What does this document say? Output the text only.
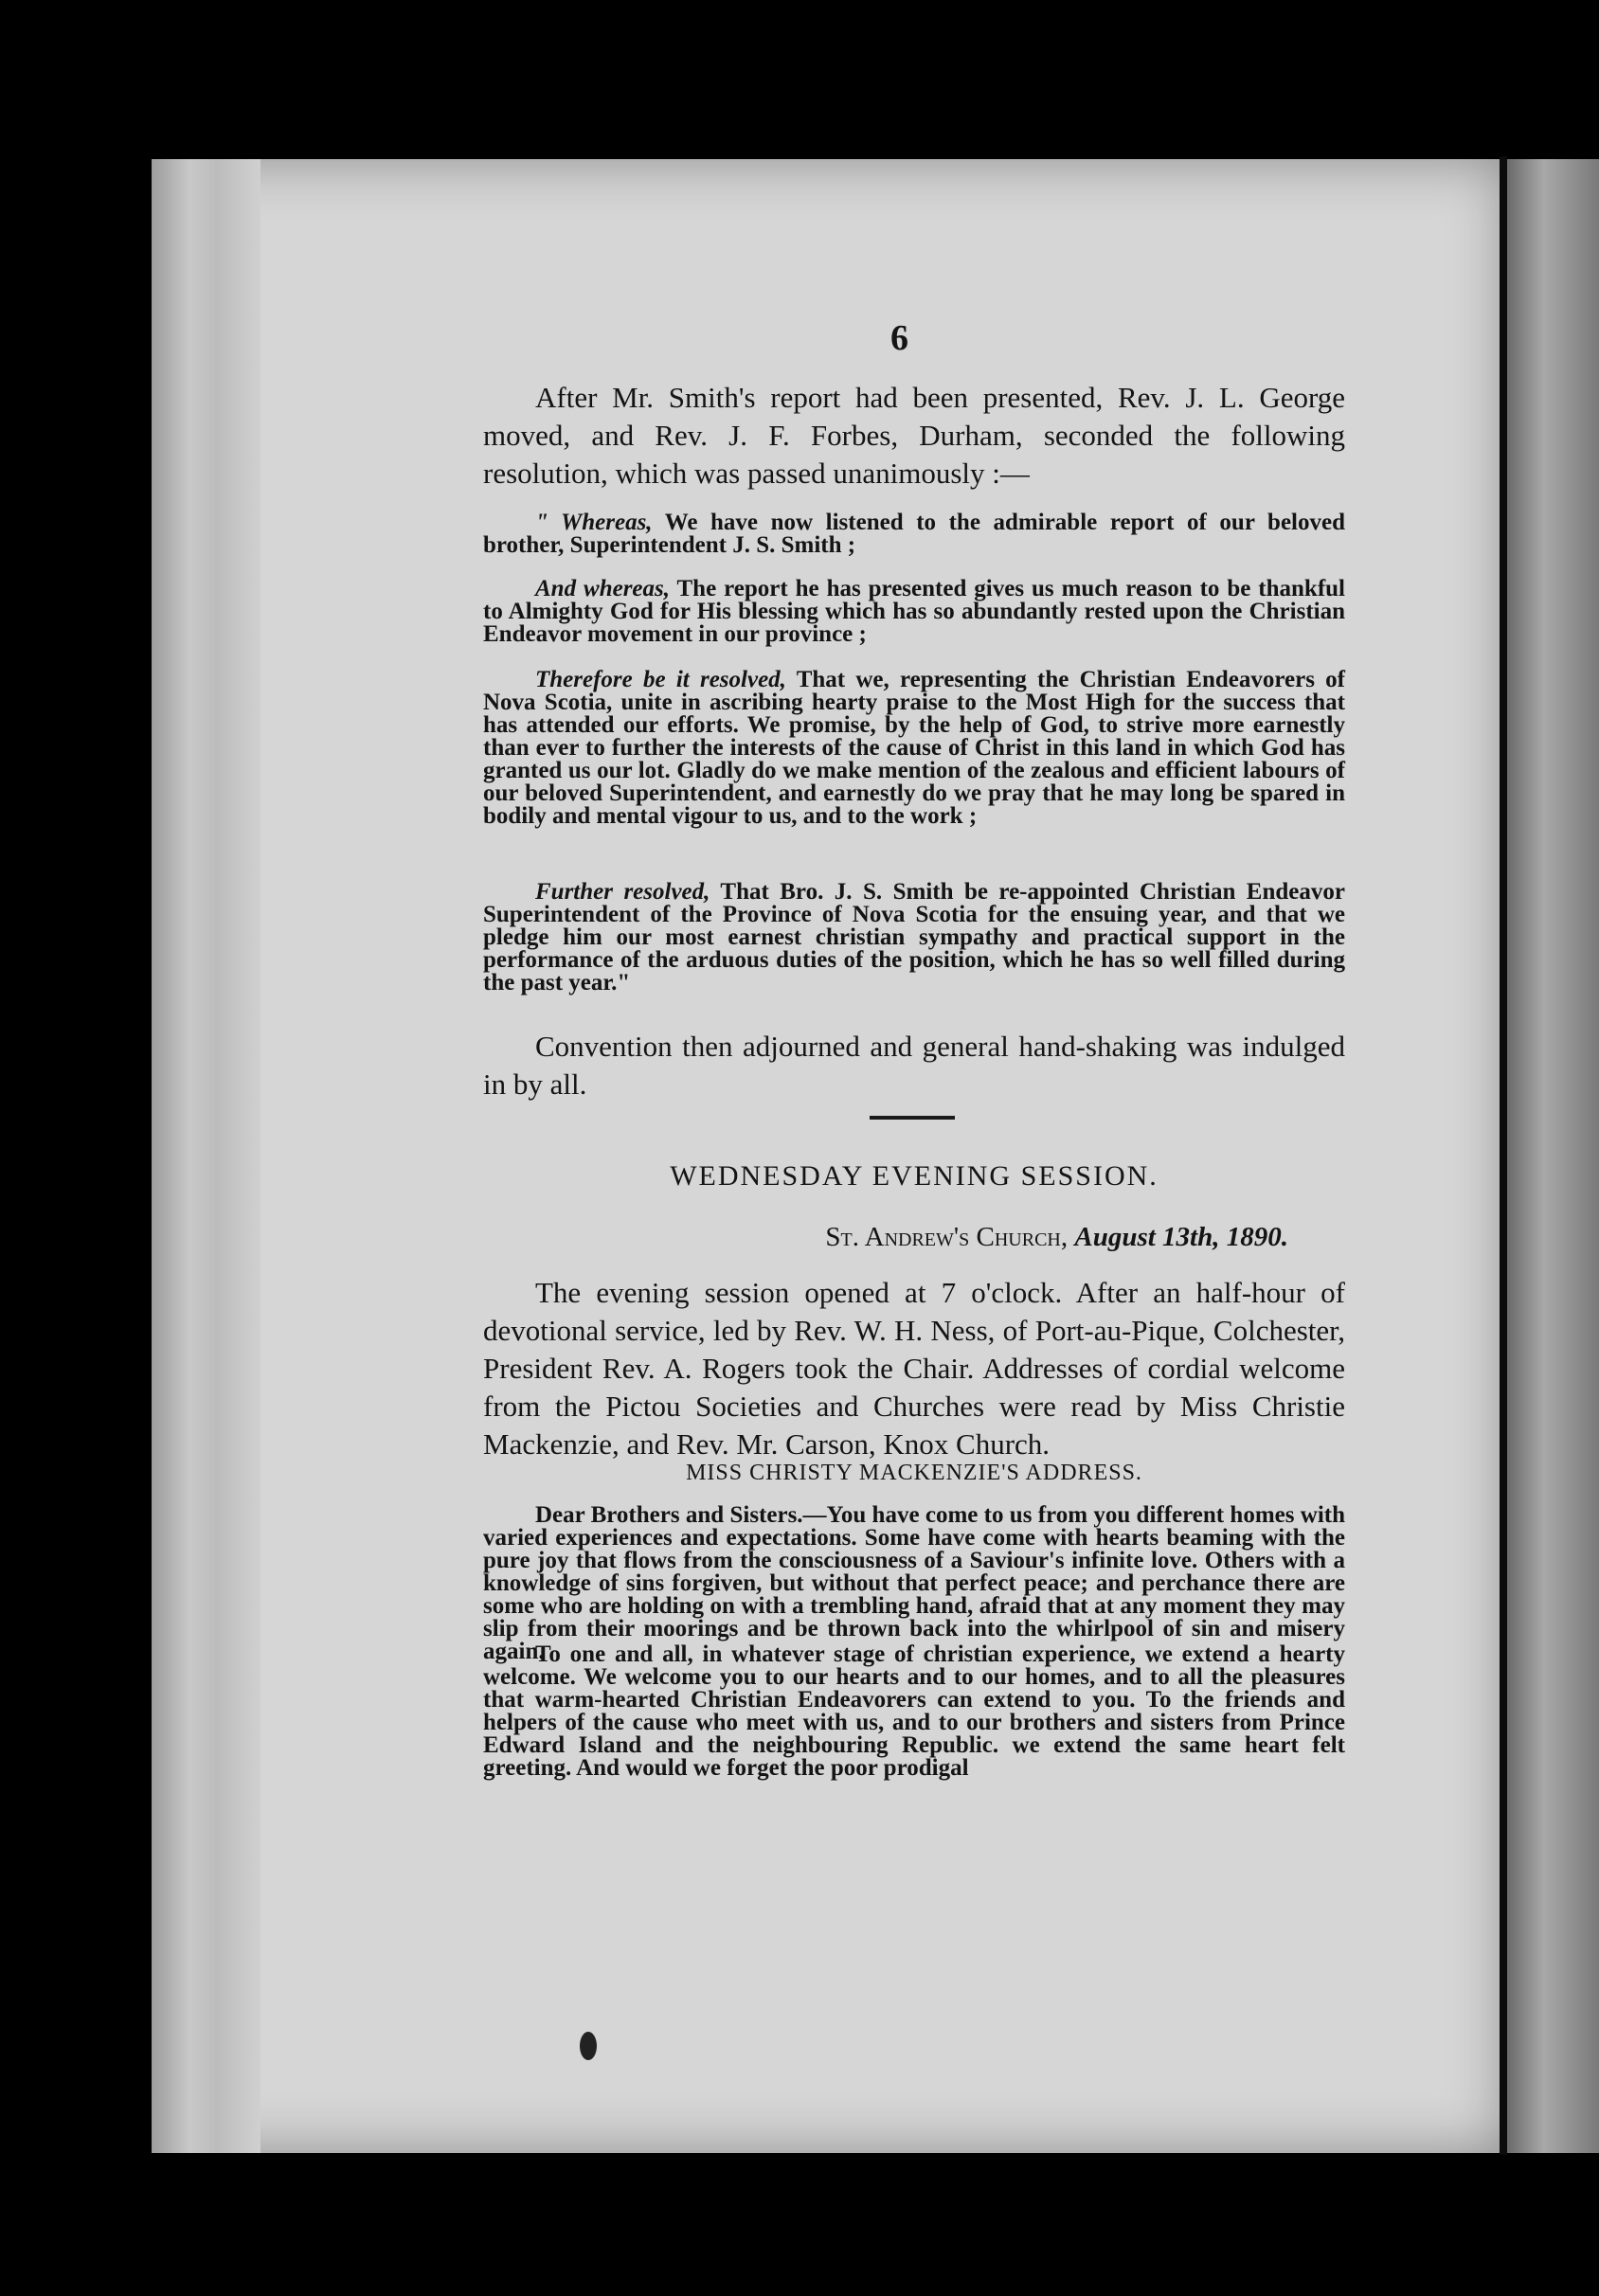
6

After Mr. Smith's report had been presented, Rev. J. L. George moved, and Rev. J. F. Forbes, Durham, seconded the following resolution, which was passed unanimously :—

" Whereas, We have now listened to the admirable report of our beloved brother, Superintendent J. S. Smith ;

And whereas, The report he has presented gives us much reason to be thankful to Almighty God for His blessing which has so abundantly rested upon the Christian Endeavor movement in our province ;

Therefore be it resolved, That we, representing the Christian Endeavorers of Nova Scotia, unite in ascribing hearty praise to the Most High for the success that has attended our efforts. We promise, by the help of God, to strive more earnestly than ever to further the interests of the cause of Christ in this land in which God has granted us our lot. Gladly do we make mention of the zealous and efficient labours of our beloved Superintendent, and earnestly do we pray that he may long be spared in bodily and mental vigour to us, and to the work ;

Further resolved, That Bro. J. S. Smith be re-appointed Christian Endeavor Superintendent of the Province of Nova Scotia for the ensuing year, and that we pledge him our most earnest christian sympathy and practical support in the performance of the arduous duties of the position, which he has so well filled during the past year."

Convention then adjourned and general hand-shaking was indulged in by all.

WEDNESDAY EVENING SESSION.
St. Andrew's Church, August 13th, 1890.

The evening session opened at 7 o'clock. After an half-hour of devotional service, led by Rev. W. H. Ness, of Port-au-Pique, Colchester, President Rev. A. Rogers took the Chair. Addresses of cordial welcome from the Pictou Societies and Churches were read by Miss Christie Mackenzie, and Rev. Mr. Carson, Knox Church.

MISS CHRISTY MACKENZIE'S ADDRESS.

Dear Brothers and Sisters.—You have come to us from you different homes with varied experiences and expectations. Some have come with hearts beaming with the pure joy that flows from the consciousness of a Saviour's infinite love. Others with a knowledge of sins forgiven, but without that perfect peace; and perchance there are some who are holding on with a trembling hand, afraid that at any moment they may slip from their moorings and be thrown back into the whirlpool of sin and misery again.

To one and all, in whatever stage of christian experience, we extend a hearty welcome. We welcome you to our hearts and to our homes, and to all the pleasures that warm-hearted Christian Endeavorers can extend to you. To the friends and helpers of the cause who meet with us, and to our brothers and sisters from Prince Edward Island and the neighbouring Republic. we extend the same heart felt greeting. And would we forget the poor prodigal
